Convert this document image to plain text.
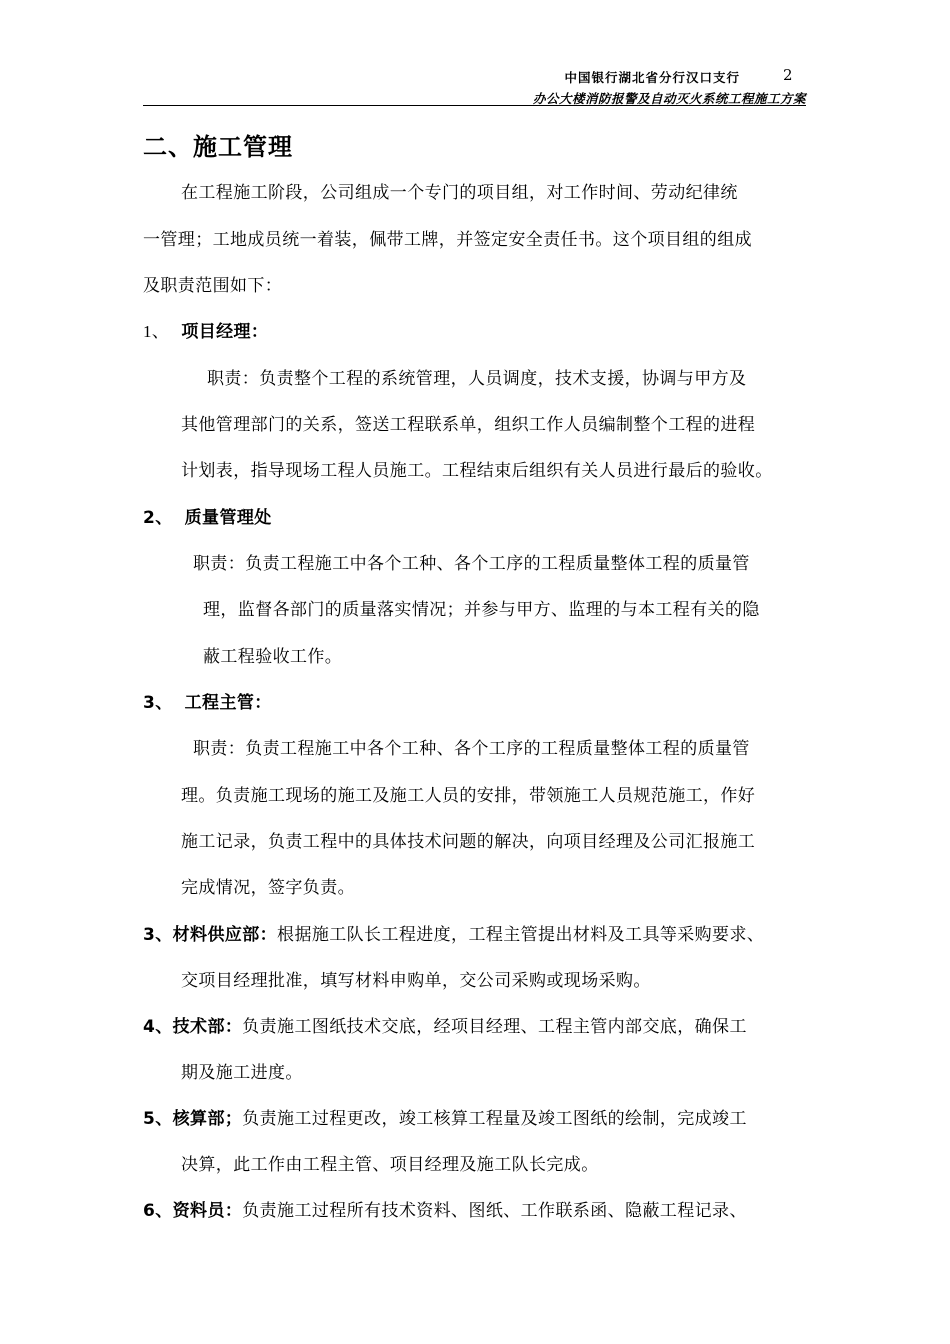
中国银行湖北省分行汉口支行	2
办公大楼消防报警及自动灭火系统工程施工方案
二、施工管理
在工程施工阶段，公司组成一个专门的项目组，对工作时间、劳动纪律统
一管理；工地成员统一着装，佩带工牌，并签定安全责任书。这个项目组的组成
及职责范围如下：
1、 项目经理：
职责：负责整个工程的系统管理，人员调度，技术支援，协调与甲方及
其他管理部门的关系，签送工程联系单，组织工作人员编制整个工程的进程
计划表，指导现场工程人员施工。工程结束后组织有关人员进行最后的验收。
2、 质量管理处
职责：负责工程施工中各个工种、各个工序的工程质量整体工程的质量管
理，监督各部门的质量落实情况；并参与甲方、监理的与本工程有关的隐
蔽工程验收工作。
3、 工程主管：
职责：负责工程施工中各个工种、各个工序的工程质量整体工程的质量管
理。负责施工现场的施工及施工人员的安排，带领施工人员规范施工，作好
施工记录，负责工程中的具体技术问题的解决，向项目经理及公司汇报施工
完成情况，签字负责。
3、材料供应部：根据施工队长工程进度，工程主管提出材料及工具等采购要求、
交项目经理批准，填写材料申购单，交公司采购或现场采购。
4、技术部：负责施工图纸技术交底，经项目经理、工程主管内部交底，确保工
期及施工进度。
5、核算部；负责施工过程更改，竣工核算工程量及竣工图纸的绘制，完成竣工
决算，此工作由工程主管、项目经理及施工队长完成。
6、资料员：负责施工过程所有技术资料、图纸、工作联系函、隐蔽工程记录、
